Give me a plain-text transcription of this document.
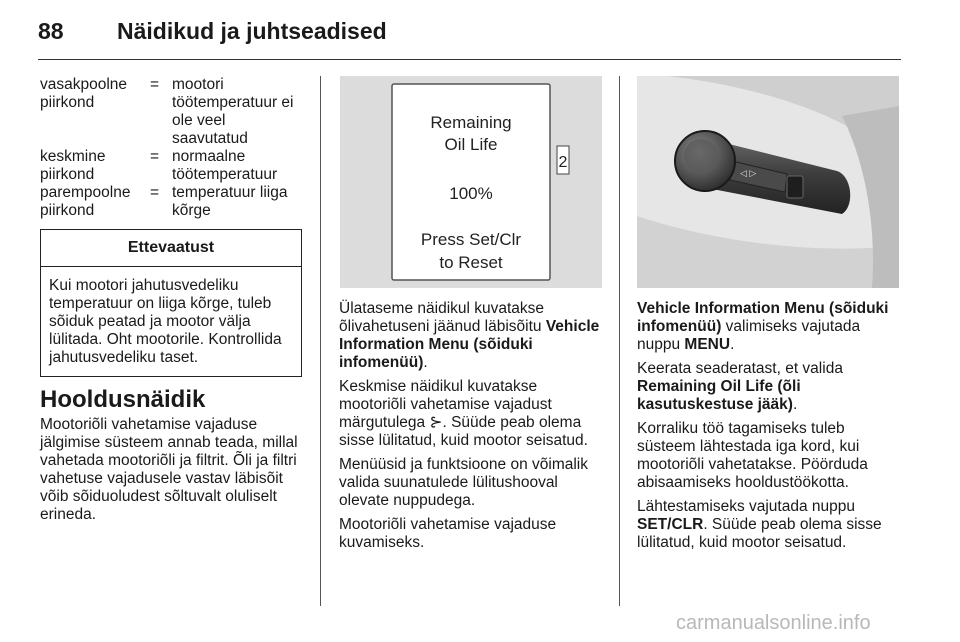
88 Näidikud ja juhtseadised
vasakpoolne piirkond
= mootori töötemperatuur ei ole veel saavutatud
keskmine piirkond
= normaalne töötemperatuur
parempoolne piirkond
= temperatuur liiga kõrge
Ettevaatust
Kui mootori jahutusvedeliku temperatuur on liiga kõrge, tuleb sõiduk peatad ja mootor välja lülitada. Oht mootorile. Kontrollida jahutusvedeliku taset.
Hooldusnäidik

Mootoriõli vahetamise vajaduse jälgimise süsteem annab teada, millal vahetada mootoriõli ja filtrit. Õli ja filtri vahetuse vajadusele vastav läbisõit võib sõiduoludest sõltuvalt oluliselt erineda.

Remaining
Oil Life
100%
Press Set/Clr
to Reset
2

Ülataseme näidikul kuvatakse õlivahetuseni jäänud läbisõitu Vehicle Information Menu (sõiduki infomenüü).

Keskmise näidikul kuvatakse mootoriõli vahetamise vajadust märgutulega ⊱. Süüde peab olema sisse lülitatud, kuid mootor seisatud.

Menüüsid ja funktsioone on võimalik valida suunatulede lülitushooval olevate nuppudega.

Mootoriõli vahetamise vajaduse kuvamiseks.

◁ ▷

Vehicle Information Menu (sõiduki infomenüü) valimiseks vajutada nuppu MENU.

Keerata seaderatast, et valida Remaining Oil Life (õli kasutuskestuse jääk).

Korraliku töö tagamiseks tuleb süsteem lähtestada iga kord, kui mootoriõli vahetatakse. Pöörduda abisaamiseks hooldustöökotta.

Lähtestamiseks vajutada nuppu SET/CLR. Süüde peab olema sisse lülitatud, kuid mootor seisatud.

carmanualsonline.info
